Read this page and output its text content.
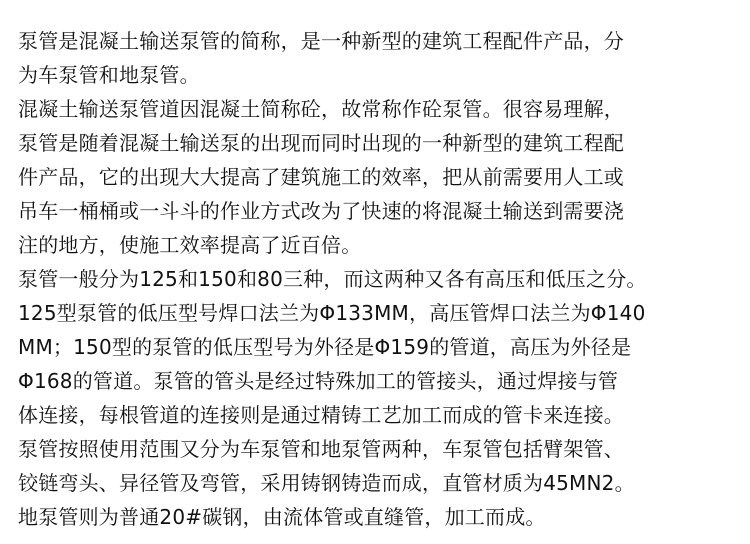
泵管是混凝土输送泵管的简称，是一种新型的建筑工程配件产品，分
为车泵管和地泵管。
混凝土输送泵管道因混凝土简称砼，故常称作砼泵管。很容易理解，
泵管是随着混凝土输送泵的出现而同时出现的一种新型的建筑工程配
件产品，它的出现大大提高了建筑施工的效率，把从前需要用人工或
吊车一桶桶或一斗斗的作业方式改为了快速的将混凝土输送到需要浇
注的地方，使施工效率提高了近百倍。
泵管一般分为125和150和80三种，而这两种又各有高压和低压之分。
125型泵管的低压型号焊口法兰为Φ133MM，高压管焊口法兰为Φ140
MM；150型的泵管的低压型号为外径是Φ159的管道，高压为外径是
Φ168的管道。泵管的管头是经过特殊加工的管接头，通过焊接与管
体连接，每根管道的连接则是通过精铸工艺加工而成的管卡来连接。
泵管按照使用范围又分为车泵管和地泵管两种，车泵管包括臂架管、
铰链弯头、异径管及弯管，采用铸钢铸造而成，直管材质为45MN2。
地泵管则为普通20#碳钢，由流体管或直缝管，加工而成。
